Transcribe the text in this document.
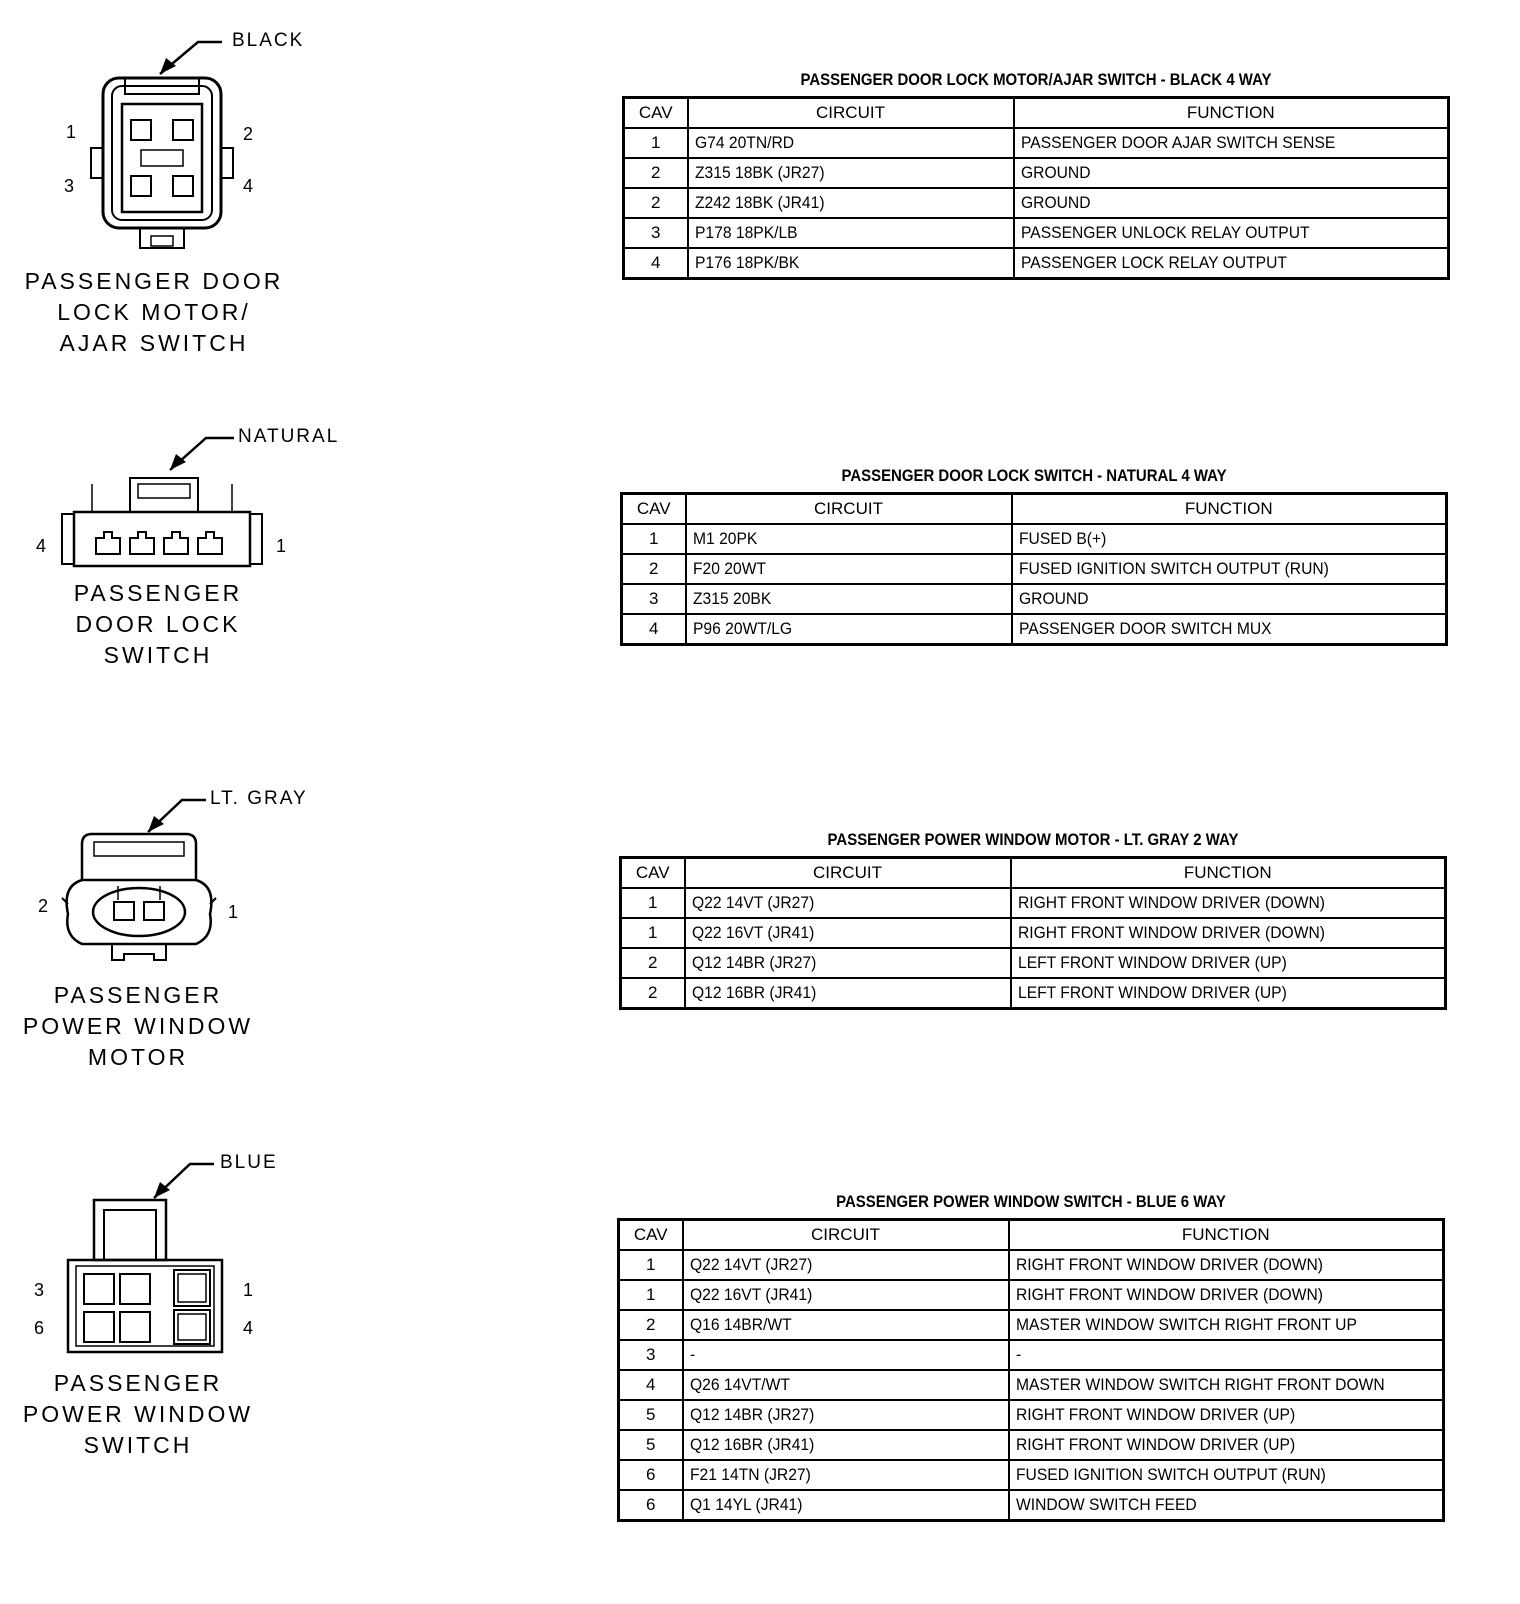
BLACK
1	2
3	4
PASSENGER DOOR
LOCK MOTOR/
AJAR SWITCH
PASSENGER DOOR LOCK MOTOR/AJAR SWITCH - BLACK 4 WAY
CAV	CIRCUIT	FUNCTION
1	G74 20TN/RD	PASSENGER DOOR AJAR SWITCH SENSE
2	Z315 18BK (JR27)	GROUND
2	Z242 18BK (JR41)	GROUND
3	P178 18PK/LB	PASSENGER UNLOCK RELAY OUTPUT
4	P176 18PK/BK	PASSENGER LOCK RELAY OUTPUT
NATURAL
4	1
PASSENGER
DOOR LOCK
SWITCH
PASSENGER DOOR LOCK SWITCH - NATURAL 4 WAY
CAV	CIRCUIT	FUNCTION
1	M1 20PK	FUSED B(+)
2	F20 20WT	FUSED IGNITION SWITCH OUTPUT (RUN)
3	Z315 20BK	GROUND
4	P96 20WT/LG	PASSENGER DOOR SWITCH MUX
LT. GRAY
2	1
PASSENGER
POWER WINDOW
MOTOR
PASSENGER POWER WINDOW MOTOR - LT. GRAY 2 WAY
CAV	CIRCUIT	FUNCTION
1	Q22 14VT (JR27)	RIGHT FRONT WINDOW DRIVER (DOWN)
1	Q22 16VT (JR41)	RIGHT FRONT WINDOW DRIVER (DOWN)
2	Q12 14BR (JR27)	LEFT FRONT WINDOW DRIVER (UP)
2	Q12 16BR (JR41)	LEFT FRONT WINDOW DRIVER (UP)
BLUE
3	1
6	4
PASSENGER
POWER WINDOW
SWITCH
PASSENGER POWER WINDOW SWITCH - BLUE 6 WAY
CAV	CIRCUIT	FUNCTION
1	Q22 14VT (JR27)	RIGHT FRONT WINDOW DRIVER (DOWN)
1	Q22 16VT (JR41)	RIGHT FRONT WINDOW DRIVER (DOWN)
2	Q16 14BR/WT	MASTER WINDOW SWITCH RIGHT FRONT UP
3	-	-
4	Q26 14VT/WT	MASTER WINDOW SWITCH RIGHT FRONT DOWN
5	Q12 14BR (JR27)	RIGHT FRONT WINDOW DRIVER (UP)
5	Q12 16BR (JR41)	RIGHT FRONT WINDOW DRIVER (UP)
6	F21 14TN (JR27)	FUSED IGNITION SWITCH OUTPUT (RUN)
6	Q1 14YL (JR41)	WINDOW SWITCH FEED
